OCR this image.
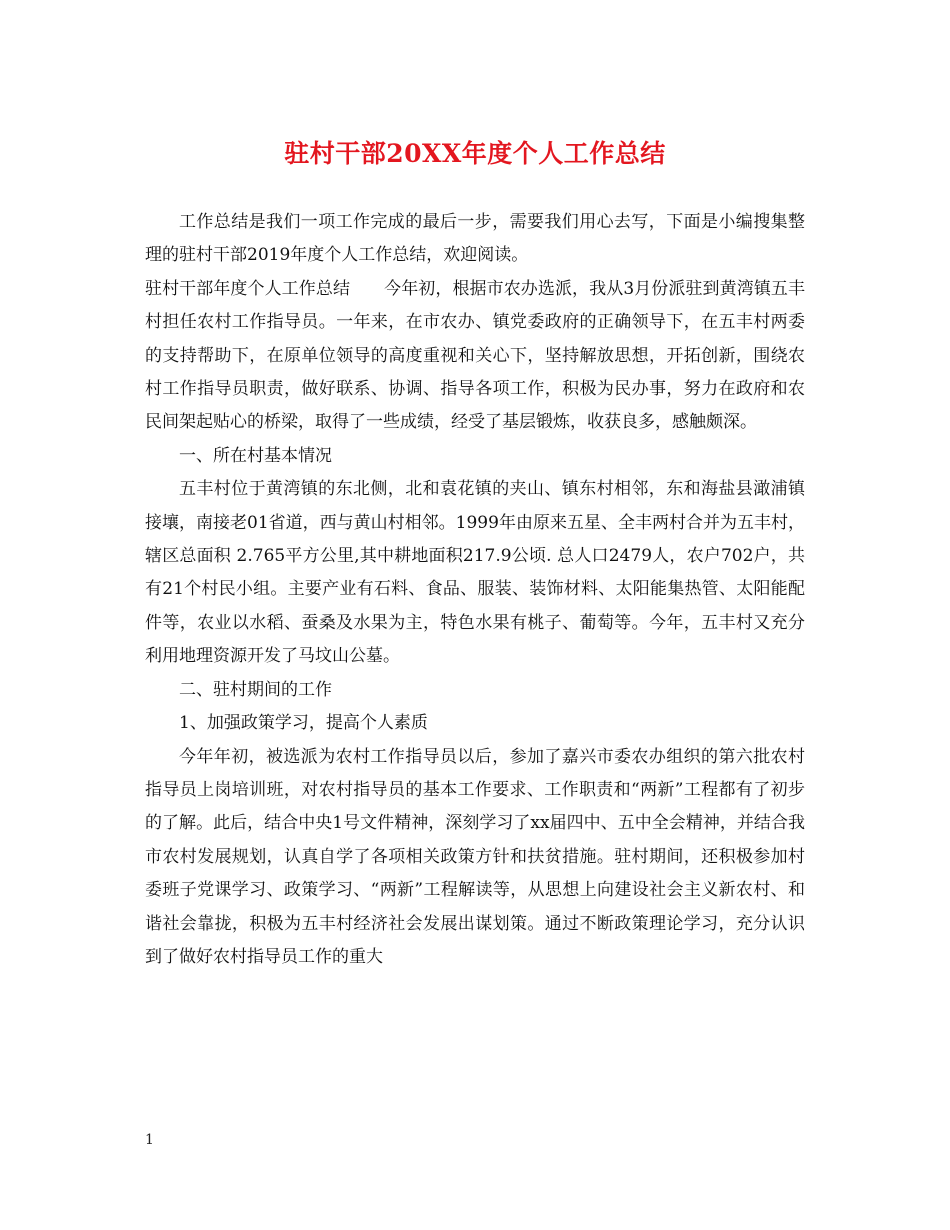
驻村干部20XX年度个人工作总结

工作总结是我们一项工作完成的最后一步，需要我们用心去写，下面是小编搜集整理的驻村干部2019年度个人工作总结，欢迎阅读。

驻村干部年度个人工作总结 今年初，根据市农办选派，我从3月份派驻到黄湾镇五丰村担任农村工作指导员。一年来，在市农办、镇党委政府的正确领导下，在五丰村两委的支持帮助下，在原单位领导的高度重视和关心下，坚持解放思想，开拓创新，围绕农村工作指导员职责，做好联系、协调、指导各项工作，积极为民办事，努力在政府和农民间架起贴心的桥梁，取得了一些成绩，经受了基层锻炼，收获良多，感触颇深。

一、所在村基本情况

五丰村位于黄湾镇的东北侧，北和袁花镇的夹山、镇东村相邻，东和海盐县澉浦镇接壤，南接老01省道，西与黄山村相邻。1999年由原来五星、全丰两村合并为五丰村，辖区总面积 2.765平方公里,其中耕地面积217.9公顷. 总人口2479人，农户702户，共有21个村民小组。主要产业有石料、食品、服装、装饰材料、太阳能集热管、太阳能配件等，农业以水稻、蚕桑及水果为主，特色水果有桃子、葡萄等。今年，五丰村又充分利用地理资源开发了马坟山公墓。

二、驻村期间的工作

1、加强政策学习，提高个人素质

今年年初，被选派为农村工作指导员以后，参加了嘉兴市委农办组织的第六批农村指导员上岗培训班，对农村指导员的基本工作要求、工作职责和“两新”工程都有了初步的了解。此后，结合中央1号文件精神，深刻学习了xx届四中、五中全会精神，并结合我市农村发展规划，认真自学了各项相关政策方针和扶贫措施。驻村期间，还积极参加村委班子党课学习、政策学习、“两新”工程解读等，从思想上向建设社会主义新农村、和谐社会靠拢，积极为五丰村经济社会发展出谋划策。通过不断政策理论学习，充分认识到了做好农村指导员工作的重大

1
